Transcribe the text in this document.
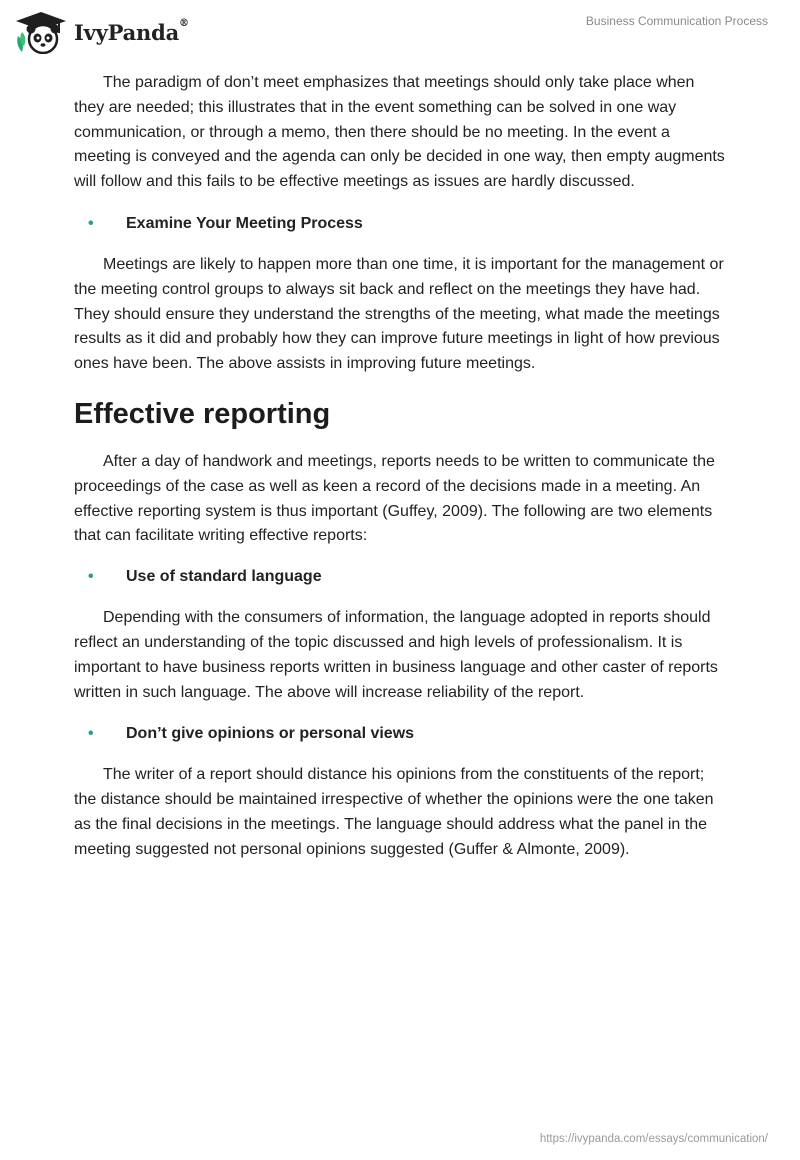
IvyPanda®	Business Communication Process

The paradigm of don’t meet emphasizes that meetings should only take place when they are needed; this illustrates that in the event something can be solved in one way communication, or through a memo, then there should be no meeting. In the event a meeting is conveyed and the agenda can only be decided in one way, then empty augments will follow and this fails to be effective meetings as issues are hardly discussed.

• Examine Your Meeting Process

Meetings are likely to happen more than one time, it is important for the management or the meeting control groups to always sit back and reflect on the meetings they have had. They should ensure they understand the strengths of the meeting, what made the meetings results as it did and probably how they can improve future meetings in light of how previous ones have been. The above assists in improving future meetings.

Effective reporting

After a day of handwork and meetings, reports needs to be written to communicate the proceedings of the case as well as keen a record of the decisions made in a meeting. An effective reporting system is thus important (Guffey, 2009). The following are two elements that can facilitate writing effective reports:

• Use of standard language

Depending with the consumers of information, the language adopted in reports should reflect an understanding of the topic discussed and high levels of professionalism. It is important to have business reports written in business language and other caster of reports written in such language. The above will increase reliability of the report.

• Don’t give opinions or personal views

The writer of a report should distance his opinions from the constituents of the report; the distance should be maintained irrespective of whether the opinions were the one taken as the final decisions in the meetings. The language should address what the panel in the meeting suggested not personal opinions suggested (Guffer & Almonte, 2009).

https://ivypanda.com/essays/communication/
